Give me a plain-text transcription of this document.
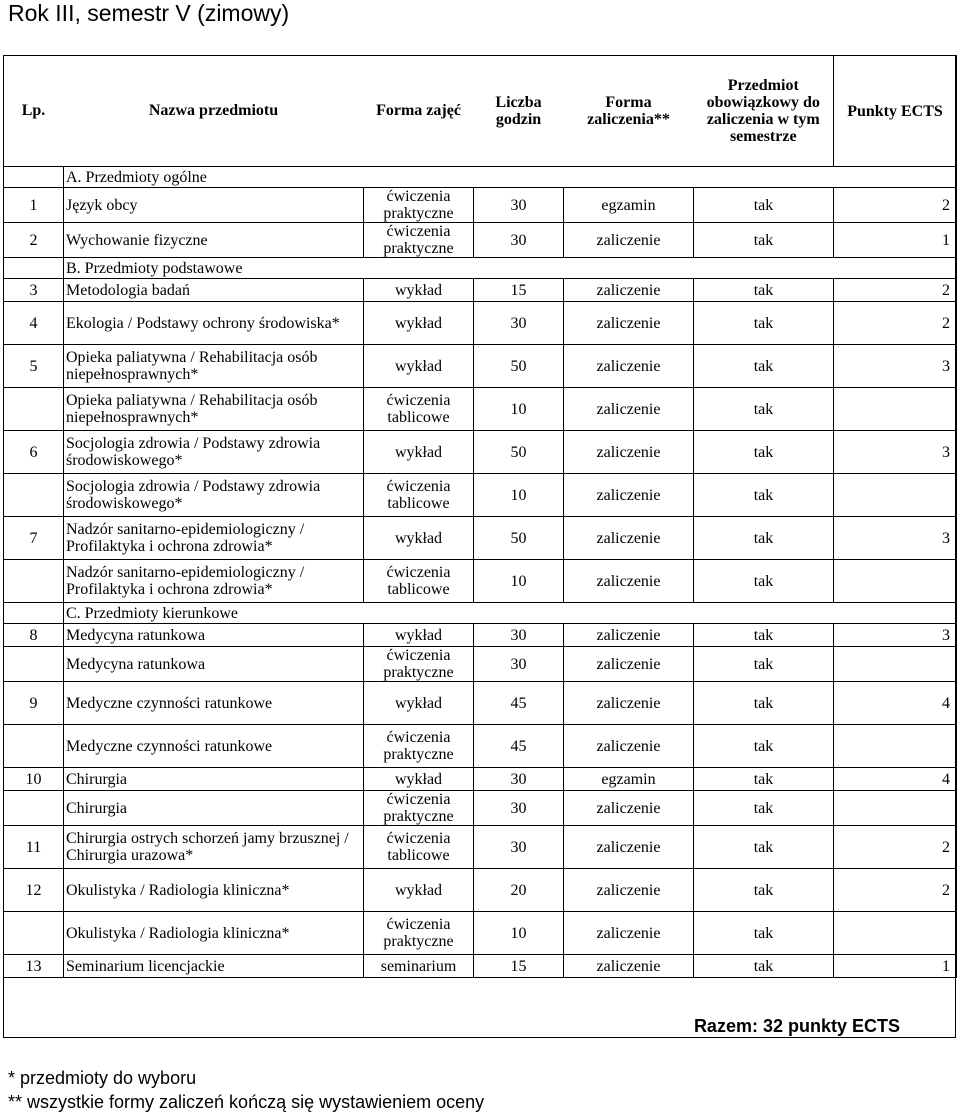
Rok III, semestr V (zimowy)
Lp.	Nazwa przedmiotu	Forma zajęć	Liczba godzin	Forma zaliczenia**	Przedmiot obowiązkowy do zaliczenia w tym semestrze	Punkty ECTS
	A. Przedmioty ogólne					
1	Język obcy	ćwiczenia praktyczne	30	egzamin	tak	2
2	Wychowanie fizyczne	ćwiczenia praktyczne	30	zaliczenie	tak	1
	B. Przedmioty podstawowe					
3	Metodologia badań	wykład	15	zaliczenie	tak	2
4	Ekologia / Podstawy ochrony środowiska*	wykład	30	zaliczenie	tak	2
5	Opieka paliatywna / Rehabilitacja osób niepełnosprawnych*	wykład	50	zaliczenie	tak	3
	Opieka paliatywna / Rehabilitacja osób niepełnosprawnych*	ćwiczenia tablicowe	10	zaliczenie	tak	
6	Socjologia zdrowia / Podstawy zdrowia środowiskowego*	wykład	50	zaliczenie	tak	3
	Socjologia zdrowia / Podstawy zdrowia środowiskowego*	ćwiczenia tablicowe	10	zaliczenie	tak	
7	Nadzór sanitarno-epidemiologiczny / Profilaktyka i ochrona zdrowia*	wykład	50	zaliczenie	tak	3
	Nadzór sanitarno-epidemiologiczny / Profilaktyka i ochrona zdrowia*	ćwiczenia tablicowe	10	zaliczenie	tak	
	C. Przedmioty kierunkowe					
8	Medycyna ratunkowa	wykład	30	zaliczenie	tak	3
	Medycyna ratunkowa	ćwiczenia praktyczne	30	zaliczenie	tak	
9	Medyczne czynności ratunkowe	wykład	45	zaliczenie	tak	4
	Medyczne czynności ratunkowe	ćwiczenia praktyczne	45	zaliczenie	tak	
10	Chirurgia	wykład	30	egzamin	tak	4
	Chirurgia	ćwiczenia praktyczne	30	zaliczenie	tak	
11	Chirurgia ostrych schorzeń jamy brzusznej / Chirurgia urazowa*	ćwiczenia tablicowe	30	zaliczenie	tak	2
12	Okulistyka / Radiologia kliniczna*	wykład	20	zaliczenie	tak	2
	Okulistyka / Radiologia kliniczna*	ćwiczenia praktyczne	10	zaliczenie	tak	
13	Seminarium licencjackie	seminarium	15	zaliczenie	tak	1
Razem: 32 punkty ECTS
* przedmioty do wyboru
** wszystkie formy zaliczeń kończą się wystawieniem oceny
